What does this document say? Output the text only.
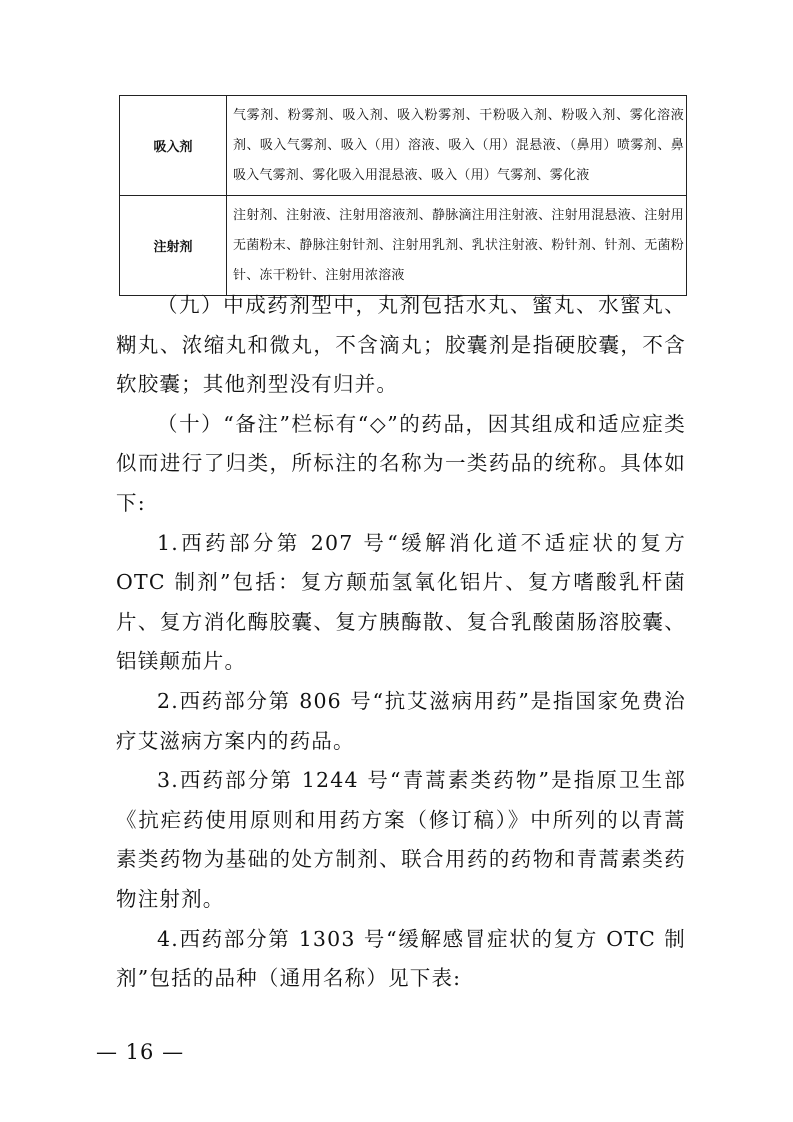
吸入剂	气雾剂、粉雾剂、吸入剂、吸入粉雾剂、干粉吸入剂、粉吸入剂、雾化溶液剂、吸入气雾剂、吸入（用）溶液、吸入（用）混悬液、（鼻用）喷雾剂、鼻吸入气雾剂、雾化吸入用混悬液、吸入（用）气雾剂、雾化液
注射剂	注射剂、注射液、注射用溶液剂、静脉滴注用注射液、注射用混悬液、注射用无菌粉末、静脉注射针剂、注射用乳剂、乳状注射液、粉针剂、针剂、无菌粉针、冻干粉针、注射用浓溶液

（九）中成药剂型中，丸剂包括水丸、蜜丸、水蜜丸、糊丸、浓缩丸和微丸，不含滴丸；胶囊剂是指硬胶囊，不含软胶囊；其他剂型没有归并。

（十）“备注”栏标有“◇”的药品，因其组成和适应症类似而进行了归类，所标注的名称为一类药品的统称。具体如下:

1.西药部分第 207 号“缓解消化道不适症状的复方 OTC 制剂”包括：复方颠茄氢氧化铝片、复方嗜酸乳杆菌片、复方消化酶胶囊、复方胰酶散、复合乳酸菌肠溶胶囊、铝镁颠茄片。

2.西药部分第 806 号“抗艾滋病用药”是指国家免费治疗艾滋病方案内的药品。

3.西药部分第 1244 号“青蒿素类药物”是指原卫生部《抗疟药使用原则和用药方案（修订稿）》中所列的以青蒿素类药物为基础的处方制剂、联合用药的药物和青蒿素类药物注射剂。

4.西药部分第 1303 号“缓解感冒症状的复方 OTC 制剂”包括的品种（通用名称）见下表:

— 16 —
